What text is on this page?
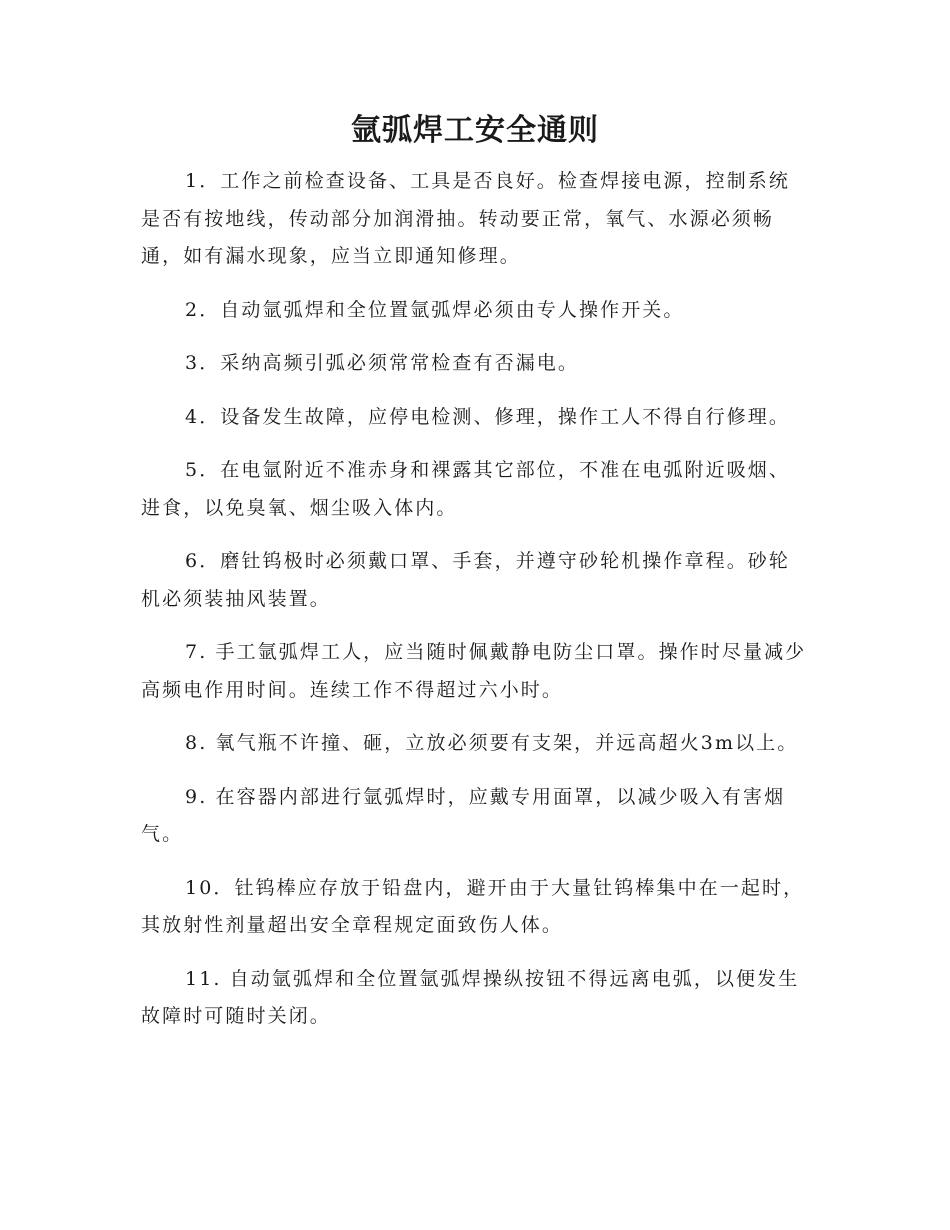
氩弧焊工安全通则

1．工作之前检查设备、工具是否良好。检查焊接电源，控制系统是否有按地线，传动部分加润滑抽。转动要正常，氧气、水源必须畅通，如有漏水现象，应当立即通知修理。

2．自动氩弧焊和全位置氩弧焊必须由专人操作开关。

3．采纳高频引弧必须常常检查有否漏电。

4．设备发生故障，应停电检测、修理，操作工人不得自行修理。

5．在电氩附近不准赤身和裸露其它部位，不准在电弧附近吸烟、进食，以免臭氧、烟尘吸入体内。

6．磨钍钨极时必须戴口罩、手套，并遵守砂轮机操作章程。砂轮机必须装抽风装置。

7. 手工氩弧焊工人，应当随时佩戴静电防尘口罩。操作时尽量减少高频电作用时间。连续工作不得超过六小时。

8. 氧气瓶不许撞、砸，立放必须要有支架，并远高超火3m以上。

9. 在容器内部进行氩弧焊时，应戴专用面罩，以减少吸入有害烟气。

10．钍钨棒应存放于铅盘内，避开由于大量钍钨棒集中在一起时，其放射性剂量超出安全章程规定面致伤人体。

11. 自动氩弧焊和全位置氩弧焊操纵按钮不得远离电弧，以便发生故障时可随时关闭。
